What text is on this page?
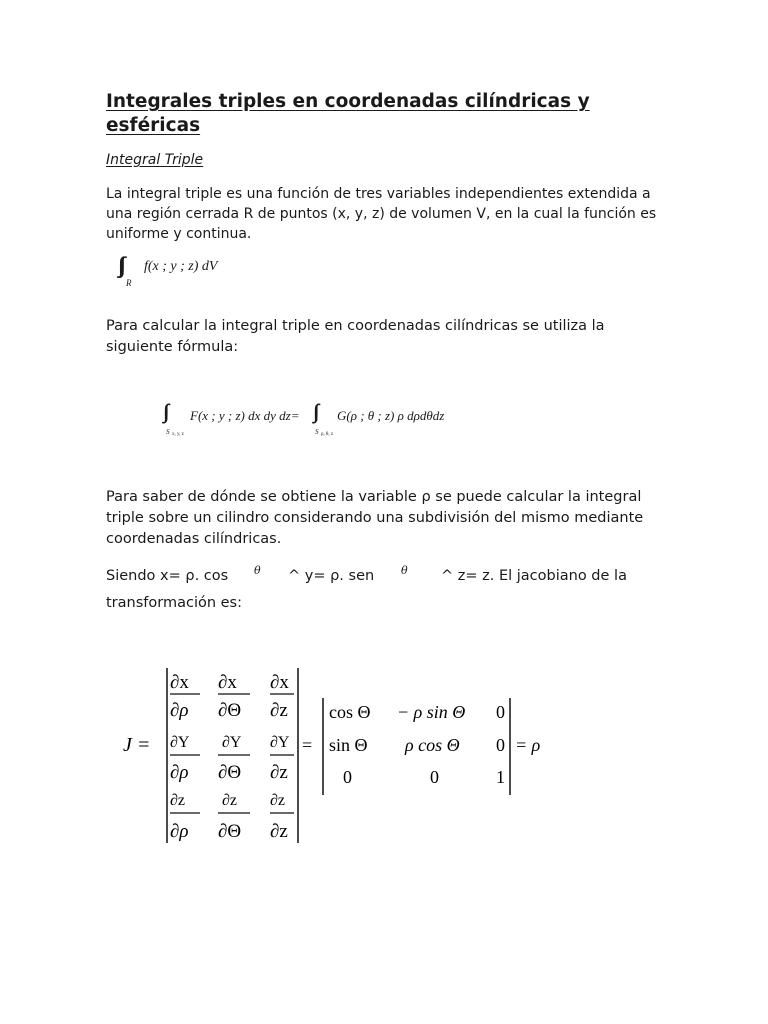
Integrales triples en coordenadas cilíndricas y esféricas
Integral Triple
La integral triple es una función de tres variables independientes extendida a una región cerrada R de puntos (x, y, z) de volumen V, en la cual la función es uniforme y continua.
∫∫∫ f(x ; y ; z) dV
R
Para calcular la integral triple en coordenadas cilíndricas se utiliza la siguiente fórmula:
∫∫∫ F(x ; y ; z) dx dy dz=
S x, y, z
∫∫∫ G(ρ ; θ ; z) ρ dρdθdz
S ρ, θ, z
Para saber de dónde se obtiene la variable ρ se puede calcular la integral triple sobre un cilindro considerando una subdivisión del mismo mediante coordenadas cilíndricas.
Siendo x= ρ. cos θ ^ y= ρ. sen θ ^ z= z. El jacobiano de la
transformación es:
J =
∂x
∂ρ
∂x
∂Θ
∂x
∂z
∂Y
∂ρ
∂Y
∂Θ
∂Y
∂z
∂z
∂ρ
∂z
∂Θ
∂z
∂z
=
cos Θ − ρ sin Θ 0
sin Θ ρ cos Θ 0
0	0	1
= ρ
